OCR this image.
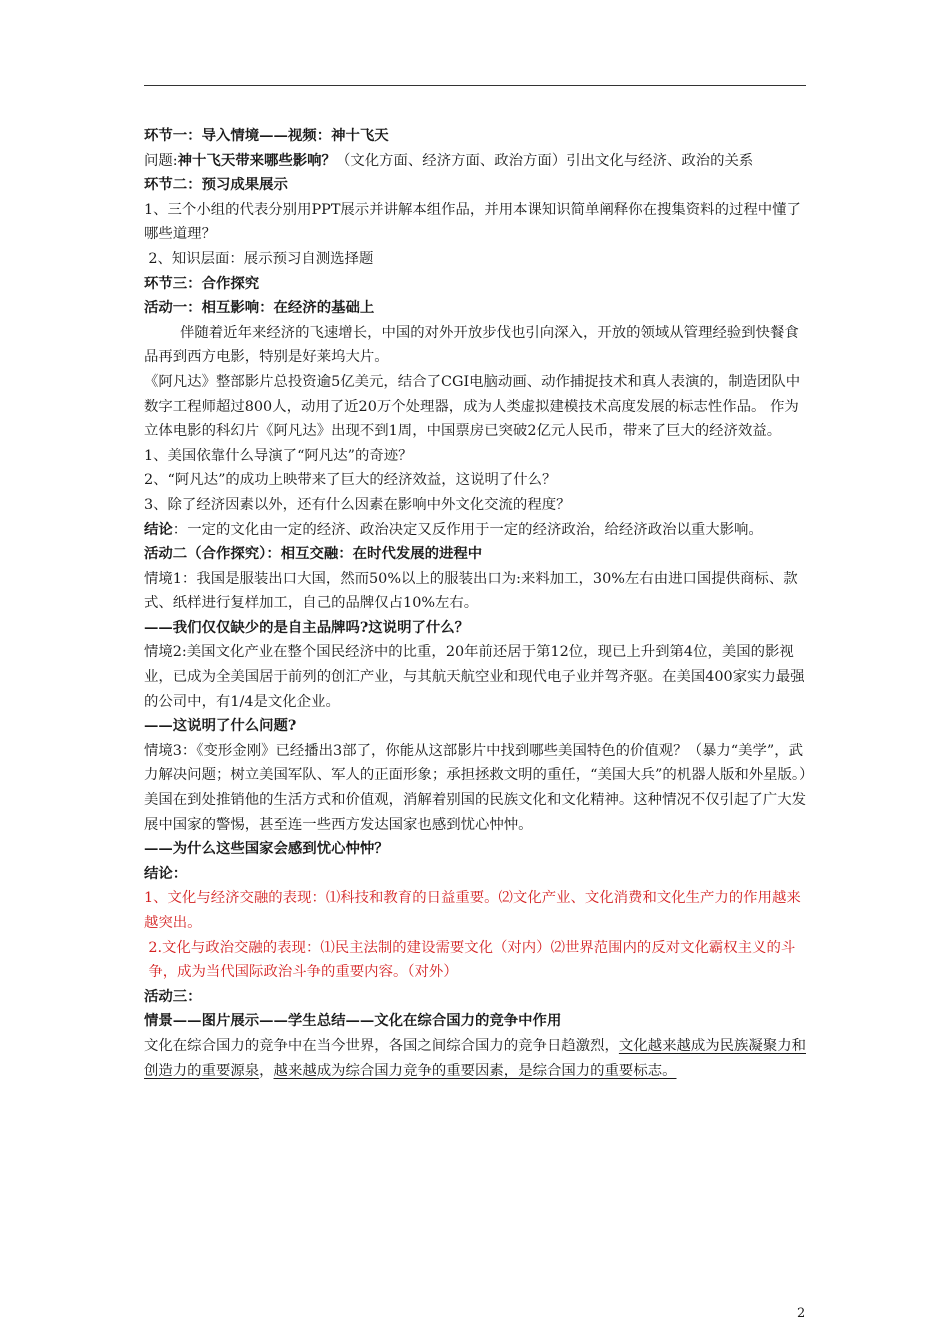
环节一：导入情境——视频：神十飞天

问题:神十飞天带来哪些影响？（文化方面、经济方面、政治方面）引出文化与经济、政治的关系

环节二：预习成果展示

1、三个小组的代表分别用PPT展示并讲解本组作品，并用本课知识简单阐释你在搜集资料的过程中懂了哪些道理？

2、知识层面：展示预习自测选择题

环节三：合作探究

活动一：相互影响：在经济的基础上

伴随着近年来经济的飞速增长，中国的对外开放步伐也引向深入，开放的领域从管理经验到快餐食品再到西方电影，特别是好莱坞大片。

《阿凡达》整部影片总投资逾5亿美元，结合了CGI电脑动画、动作捕捉技术和真人表演的，制造团队中数字工程师超过800人，动用了近20万个处理器，成为人类虚拟建模技术高度发展的标志性作品。 作为立体电影的科幻片《阿凡达》出现不到1周，中国票房已突破2亿元人民币，带来了巨大的经济效益。

1、美国依靠什么导演了“阿凡达”的奇迹？

2、“阿凡达”的成功上映带来了巨大的经济效益，这说明了什么？

3、除了经济因素以外，还有什么因素在影响中外文化交流的程度？

结论：一定的文化由一定的经济、政治决定又反作用于一定的经济政治，给经济政治以重大影响。

活动二（合作探究）：相互交融：在时代发展的进程中

情境1：我国是服装出口大国，然而50%以上的服装出口为:来料加工，30%左右由进口国提供商标、款式、纸样进行复样加工，自己的品牌仅占10%左右。

——我们仅仅缺少的是自主品牌吗?这说明了什么？

情境2:美国文化产业在整个国民经济中的比重，20年前还居于第12位，现已上升到第4位，美国的影视业，已成为全美国居于前列的创汇产业，与其航天航空业和现代电子业并驾齐驱。在美国400家实力最强的公司中，有1/4是文化企业。

——这说明了什么问题?

情境3：《变形金刚》已经播出3部了，你能从这部影片中找到哪些美国特色的价值观？（暴力“美学”，武力解决问题；树立美国军队、军人的正面形象；承担拯救文明的重任，“美国大兵”的机器人版和外星版。）美国在到处推销他的生活方式和价值观，消解着别国的民族文化和文化精神。这种情况不仅引起了广大发展中国家的警惕，甚至连一些西方发达国家也感到忧心忡忡。

——为什么这些国家会感到忧心忡忡？

结论：

1、文化与经济交融的表现：⑴科技和教育的日益重要。⑵文化产业、文化消费和文化生产力的作用越来越突出。

2.文化与政治交融的表现：⑴民主法制的建设需要文化（对内）⑵世界范围内的反对文化霸权主义的斗争，成为当代国际政治斗争的重要内容。（对外）

活动三：

情景——图片展示——学生总结——文化在综合国力的竞争中作用

文化在综合国力的竞争中在当今世界，各国之间综合国力的竞争日趋激烈，文化越来越成为民族凝聚力和创造力的重要源泉，越来越成为综合国力竞争的重要因素，是综合国力的重要标志。

2
